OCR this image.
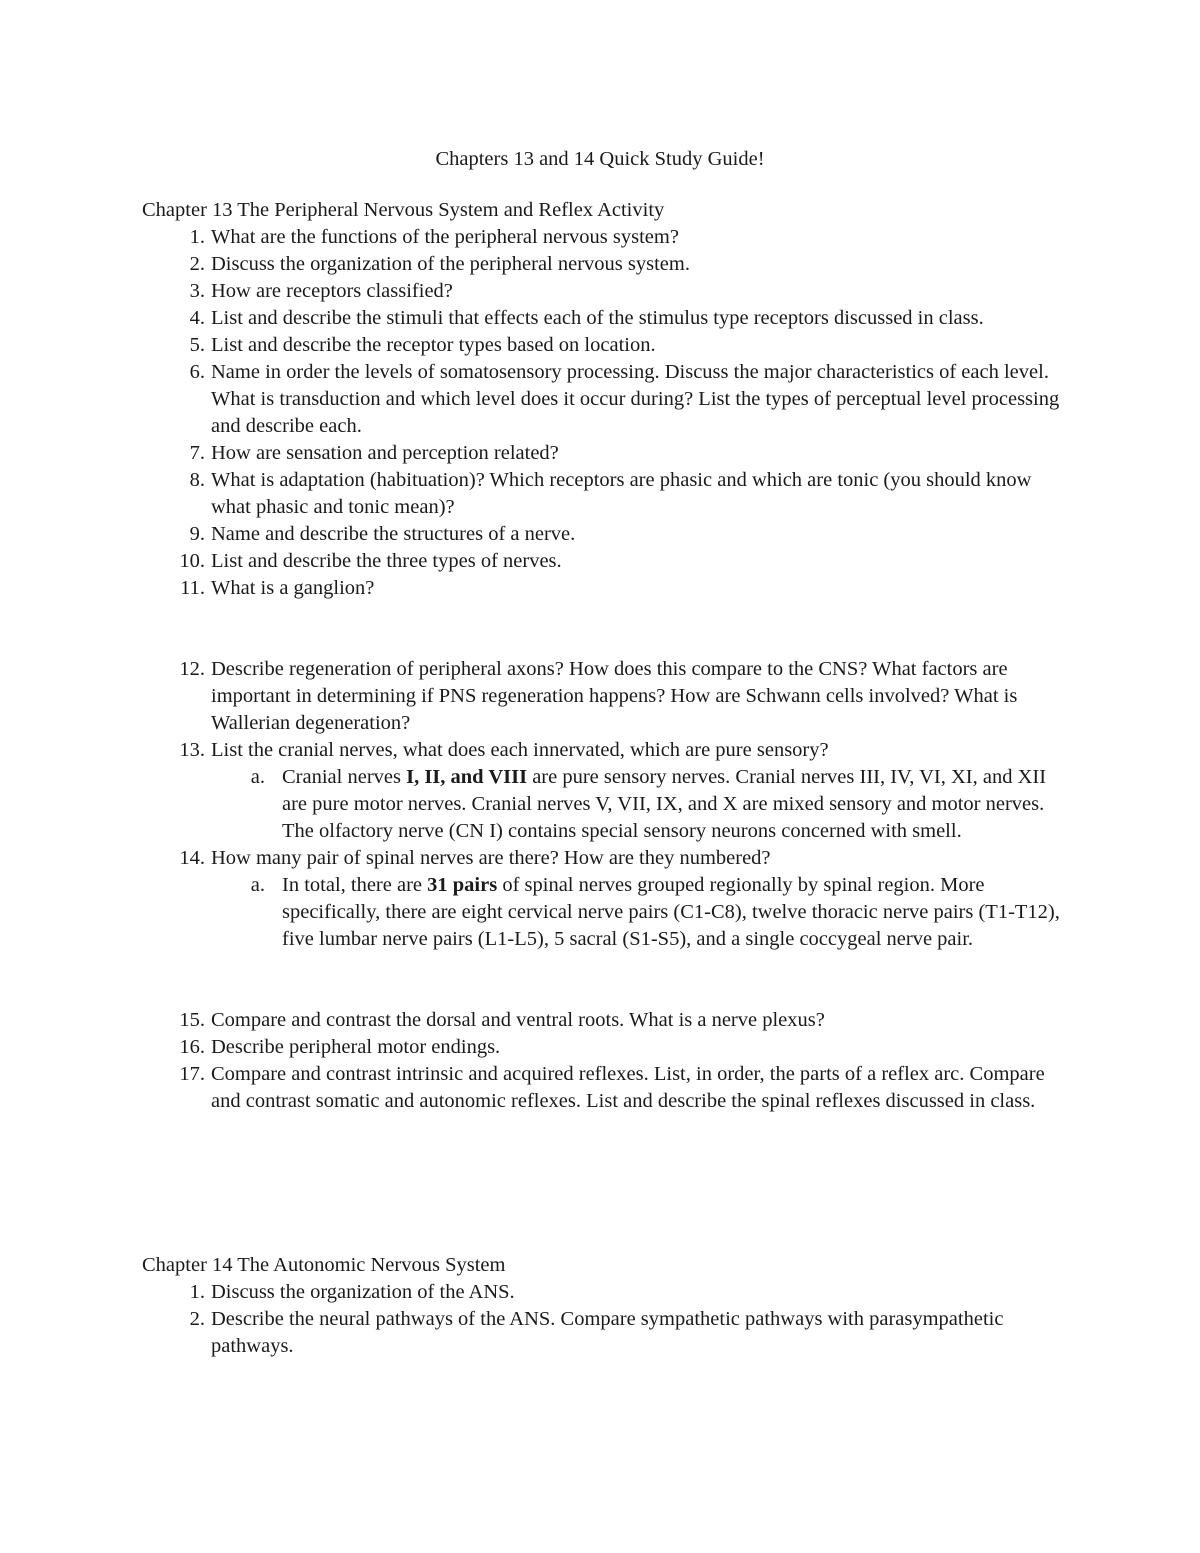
Chapters 13 and 14 Quick Study Guide!
Chapter 13 The Peripheral Nervous System and Reflex Activity
1. What are the functions of the peripheral nervous system?
2. Discuss the organization of the peripheral nervous system.
3. How are receptors classified?
4. List and describe the stimuli that effects each of the stimulus type receptors discussed in class.
5. List and describe the receptor types based on location.
6. Name in order the levels of somatosensory processing. Discuss the major characteristics of each level. What is transduction and which level does it occur during? List the types of perceptual level processing and describe each.
7. How are sensation and perception related?
8. What is adaptation (habituation)? Which receptors are phasic and which are tonic (you should know what phasic and tonic mean)?
9. Name and describe the structures of a nerve.
10. List and describe the three types of nerves.
11. What is a ganglion?
12. Describe regeneration of peripheral axons? How does this compare to the CNS? What factors are important in determining if PNS regeneration happens? How are Schwann cells involved? What is Wallerian degeneration?
13. List the cranial nerves, what does each innervated, which are pure sensory?
a. Cranial nerves I, II, and VIII are pure sensory nerves. Cranial nerves III, IV, VI, XI, and XII are pure motor nerves. Cranial nerves V, VII, IX, and X are mixed sensory and motor nerves. The olfactory nerve (CN I) contains special sensory neurons concerned with smell.
14. How many pair of spinal nerves are there? How are they numbered?
a. In total, there are 31 pairs of spinal nerves grouped regionally by spinal region. More specifically, there are eight cervical nerve pairs (C1-C8), twelve thoracic nerve pairs (T1-T12), five lumbar nerve pairs (L1-L5), 5 sacral (S1-S5), and a single coccygeal nerve pair.
15. Compare and contrast the dorsal and ventral roots. What is a nerve plexus?
16. Describe peripheral motor endings.
17. Compare and contrast intrinsic and acquired reflexes. List, in order, the parts of a reflex arc. Compare and contrast somatic and autonomic reflexes. List and describe the spinal reflexes discussed in class.
Chapter 14 The Autonomic Nervous System
1. Discuss the organization of the ANS.
2. Describe the neural pathways of the ANS. Compare sympathetic pathways with parasympathetic pathways.
